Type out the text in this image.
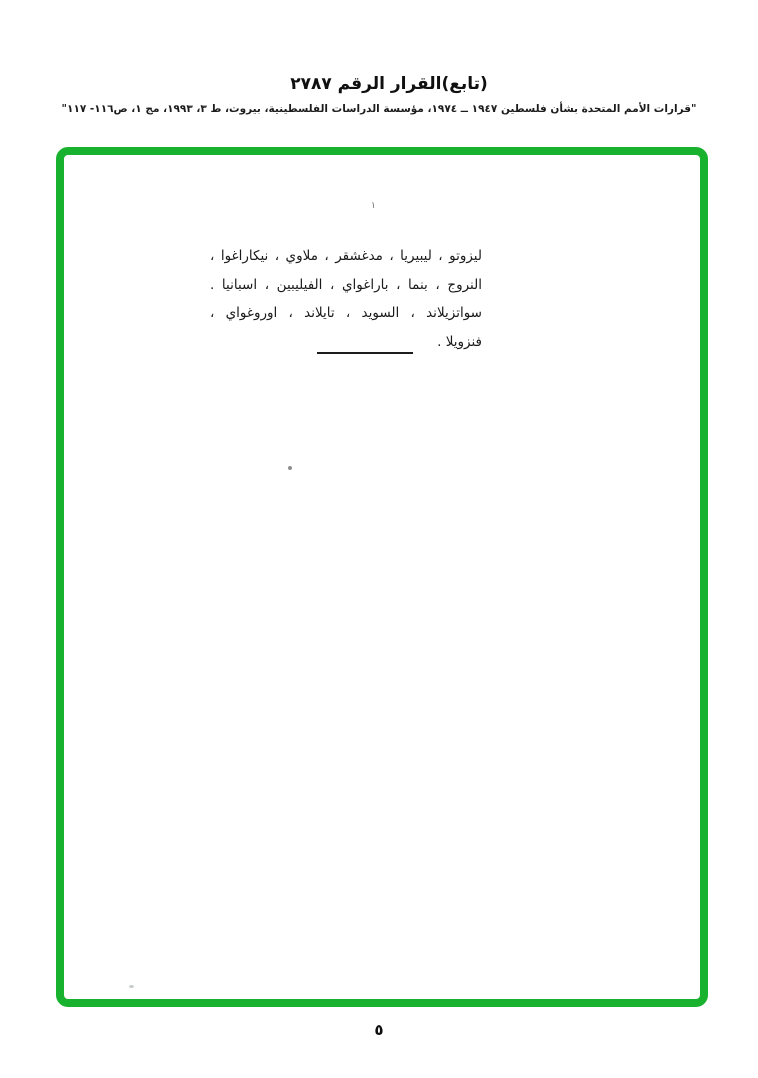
(تابع)القرار الرقم ٢٧٨٧
"قرارات الأمم المتحدة بشأن فلسطين ١٩٤٧ ــ ١٩٧٤، مؤسسة الدراسات الفلسطينية، بيروت، ط ٣، ١٩٩٣، مج ١، ص١١٦- ١١٧"
١
ليزوتو ، ليبيريا ، مدغشقر ، ملاوي ، نيكاراغوا ،
النروج ، بنما ، باراغواي ، الفيليبين ، اسبانيا .
سواتزيلاند ، السويد ، تايلاند ، اوروغواي ،
فنزويلا .
٥
